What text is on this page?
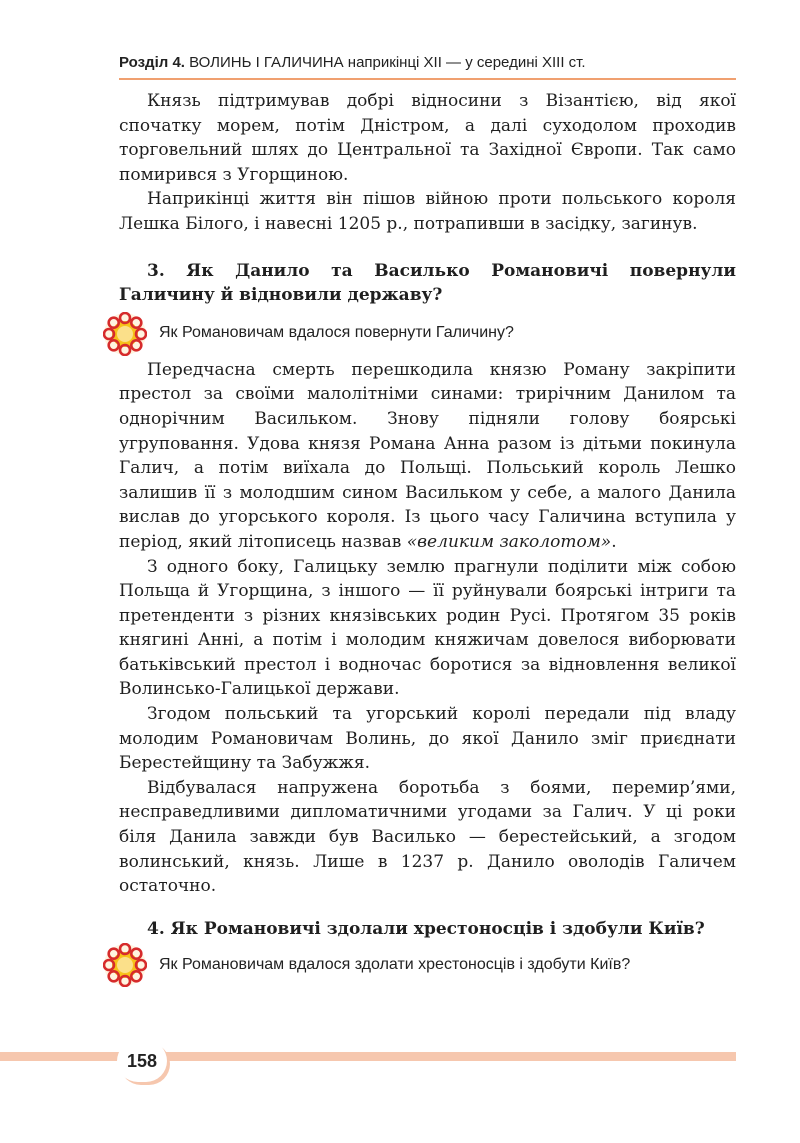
Розділ 4. ВОЛИНЬ І ГАЛИЧИНА наприкінці XII — у середині XIII ст.

Князь підтримував добрі відносини з Візантією, від якої спочатку морем, потім Дністром, а далі суходолом проходив торговельний шлях до Центральної та Західної Європи. Так само помирився з Угорщиною.

Наприкінці життя він пішов війною проти польського короля Лешка Білого, і навесні 1205 р., потрапивши в засідку, загинув.

3. Як Данило та Василько Романовичі повернули Галичину й відновили державу?

Як Романовичам вдалося повернути Галичину?

Передчасна смерть перешкодила князю Роману закріпити престол за своїми малолітніми синами: трирічним Данилом та однорічним Васильком. Знову підняли голову боярські угруповання. Удова князя Романа Анна разом із дітьми покинула Галич, а потім виїхала до Польщі. Польський король Лешко залишив її з молодшим сином Васильком у себе, а малого Данила вислав до угорського короля. Із цього часу Галичина вступила у період, який літописець назвав «великим заколотом».

З одного боку, Галицьку землю прагнули поділити між собою Польща й Угорщина, з іншого — її руйнували боярські інтриги та претенденти з різних князівських родин Русі. Протягом 35 років княгині Анні, а потім і молодим княжичам довелося виборювати батьківський престол і водночас боротися за відновлення великої Волинсько-Галицької держави.

Згодом польський та угорський королі передали під владу молодим Романовичам Волинь, до якої Данило зміг приєднати Берестейщину та Забужжя.

Відбувалася напружена боротьба з боями, перемир’ями, несправедливими дипломатичними угодами за Галич. У ці роки біля Данила завжди був Василько — берестейський, а згодом волинський, князь. Лише в 1237 р. Данило оволодів Галичем остаточно.

4. Як Романовичі здолали хрестоносців і здобули Київ?

Як Романовичам вдалося здолати хрестоносців і здобути Київ?
158
